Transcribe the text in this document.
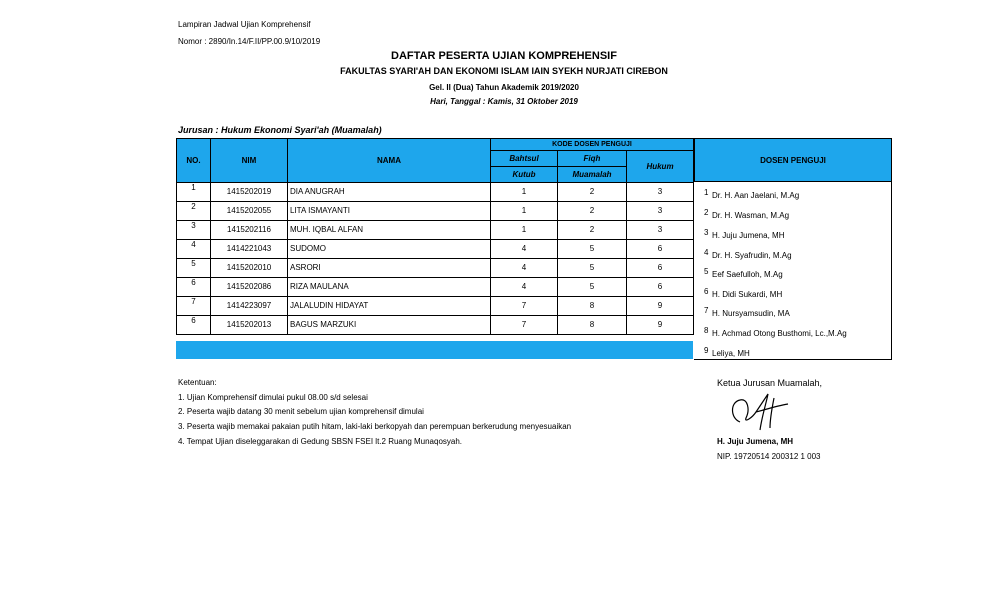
Lampiran Jadwal Ujian Komprehensif
Nomor : 2890/In.14/F.II/PP.00.9/10/2019
DAFTAR PESERTA UJIAN KOMPREHENSIF
FAKULTAS SYARI'AH DAN EKONOMI ISLAM IAIN SYEKH NURJATI CIREBON
Gel. II (Dua) Tahun Akademik 2019/2020
Hari, Tanggal : Kamis, 31 Oktober 2019
Jurusan : Hukum Ekonomi Syari'ah (Muamalah)
NO.	NIM	NAMA	KODE DOSEN PENGUJI		
			Bahtsul	Fiqh	Hukum
			Kutub	Muamalah	
1	1415202019	DIA ANUGRAH	1	2	3
2	1415202055	LITA ISMAYANTI	1	2	3
3	1415202116	MUH. IQBAL ALFAN	1	2	3
4	1414221043	SUDOMO	4	5	6
5	1415202010	ASRORI	4	5	6
6	1415202086	RIZA MAULANA	4	5	6
7	1414223097	JALALUDIN HIDAYAT	7	8	9
6	1415202013	BAGUS MARZUKI	7	8	9
DOSEN PENGUJI
1 Dr. H. Aan Jaelani, M.Ag
2 Dr. H. Wasman, M.Ag
3 H. Juju Jumena, MH
4 Dr. H. Syafrudin, M.Ag
5 Eef Saefulloh, M.Ag
6 H. Didi Sukardi, MH
7 H. Nursyamsudin, MA
8 H. Achmad Otong Busthomi, Lc.,M.Ag
9 Leliya, MH
Ketentuan:
1. Ujian Komprehensif dimulai pukul 08.00 s/d selesai
2. Peserta wajib datang 30 menit sebelum ujian komprehensif dimulai
3. Peserta wajib memakai pakaian putih hitam, laki-laki berkopyah dan perempuan berkerudung menyesuaikan
4. Tempat Ujian diseleggarakan di Gedung SBSN FSEI lt.2 Ruang Munaqosyah.
Ketua Jurusan Muamalah,
H. Juju Jumena, MH
NIP. 19720514 200312 1 003
